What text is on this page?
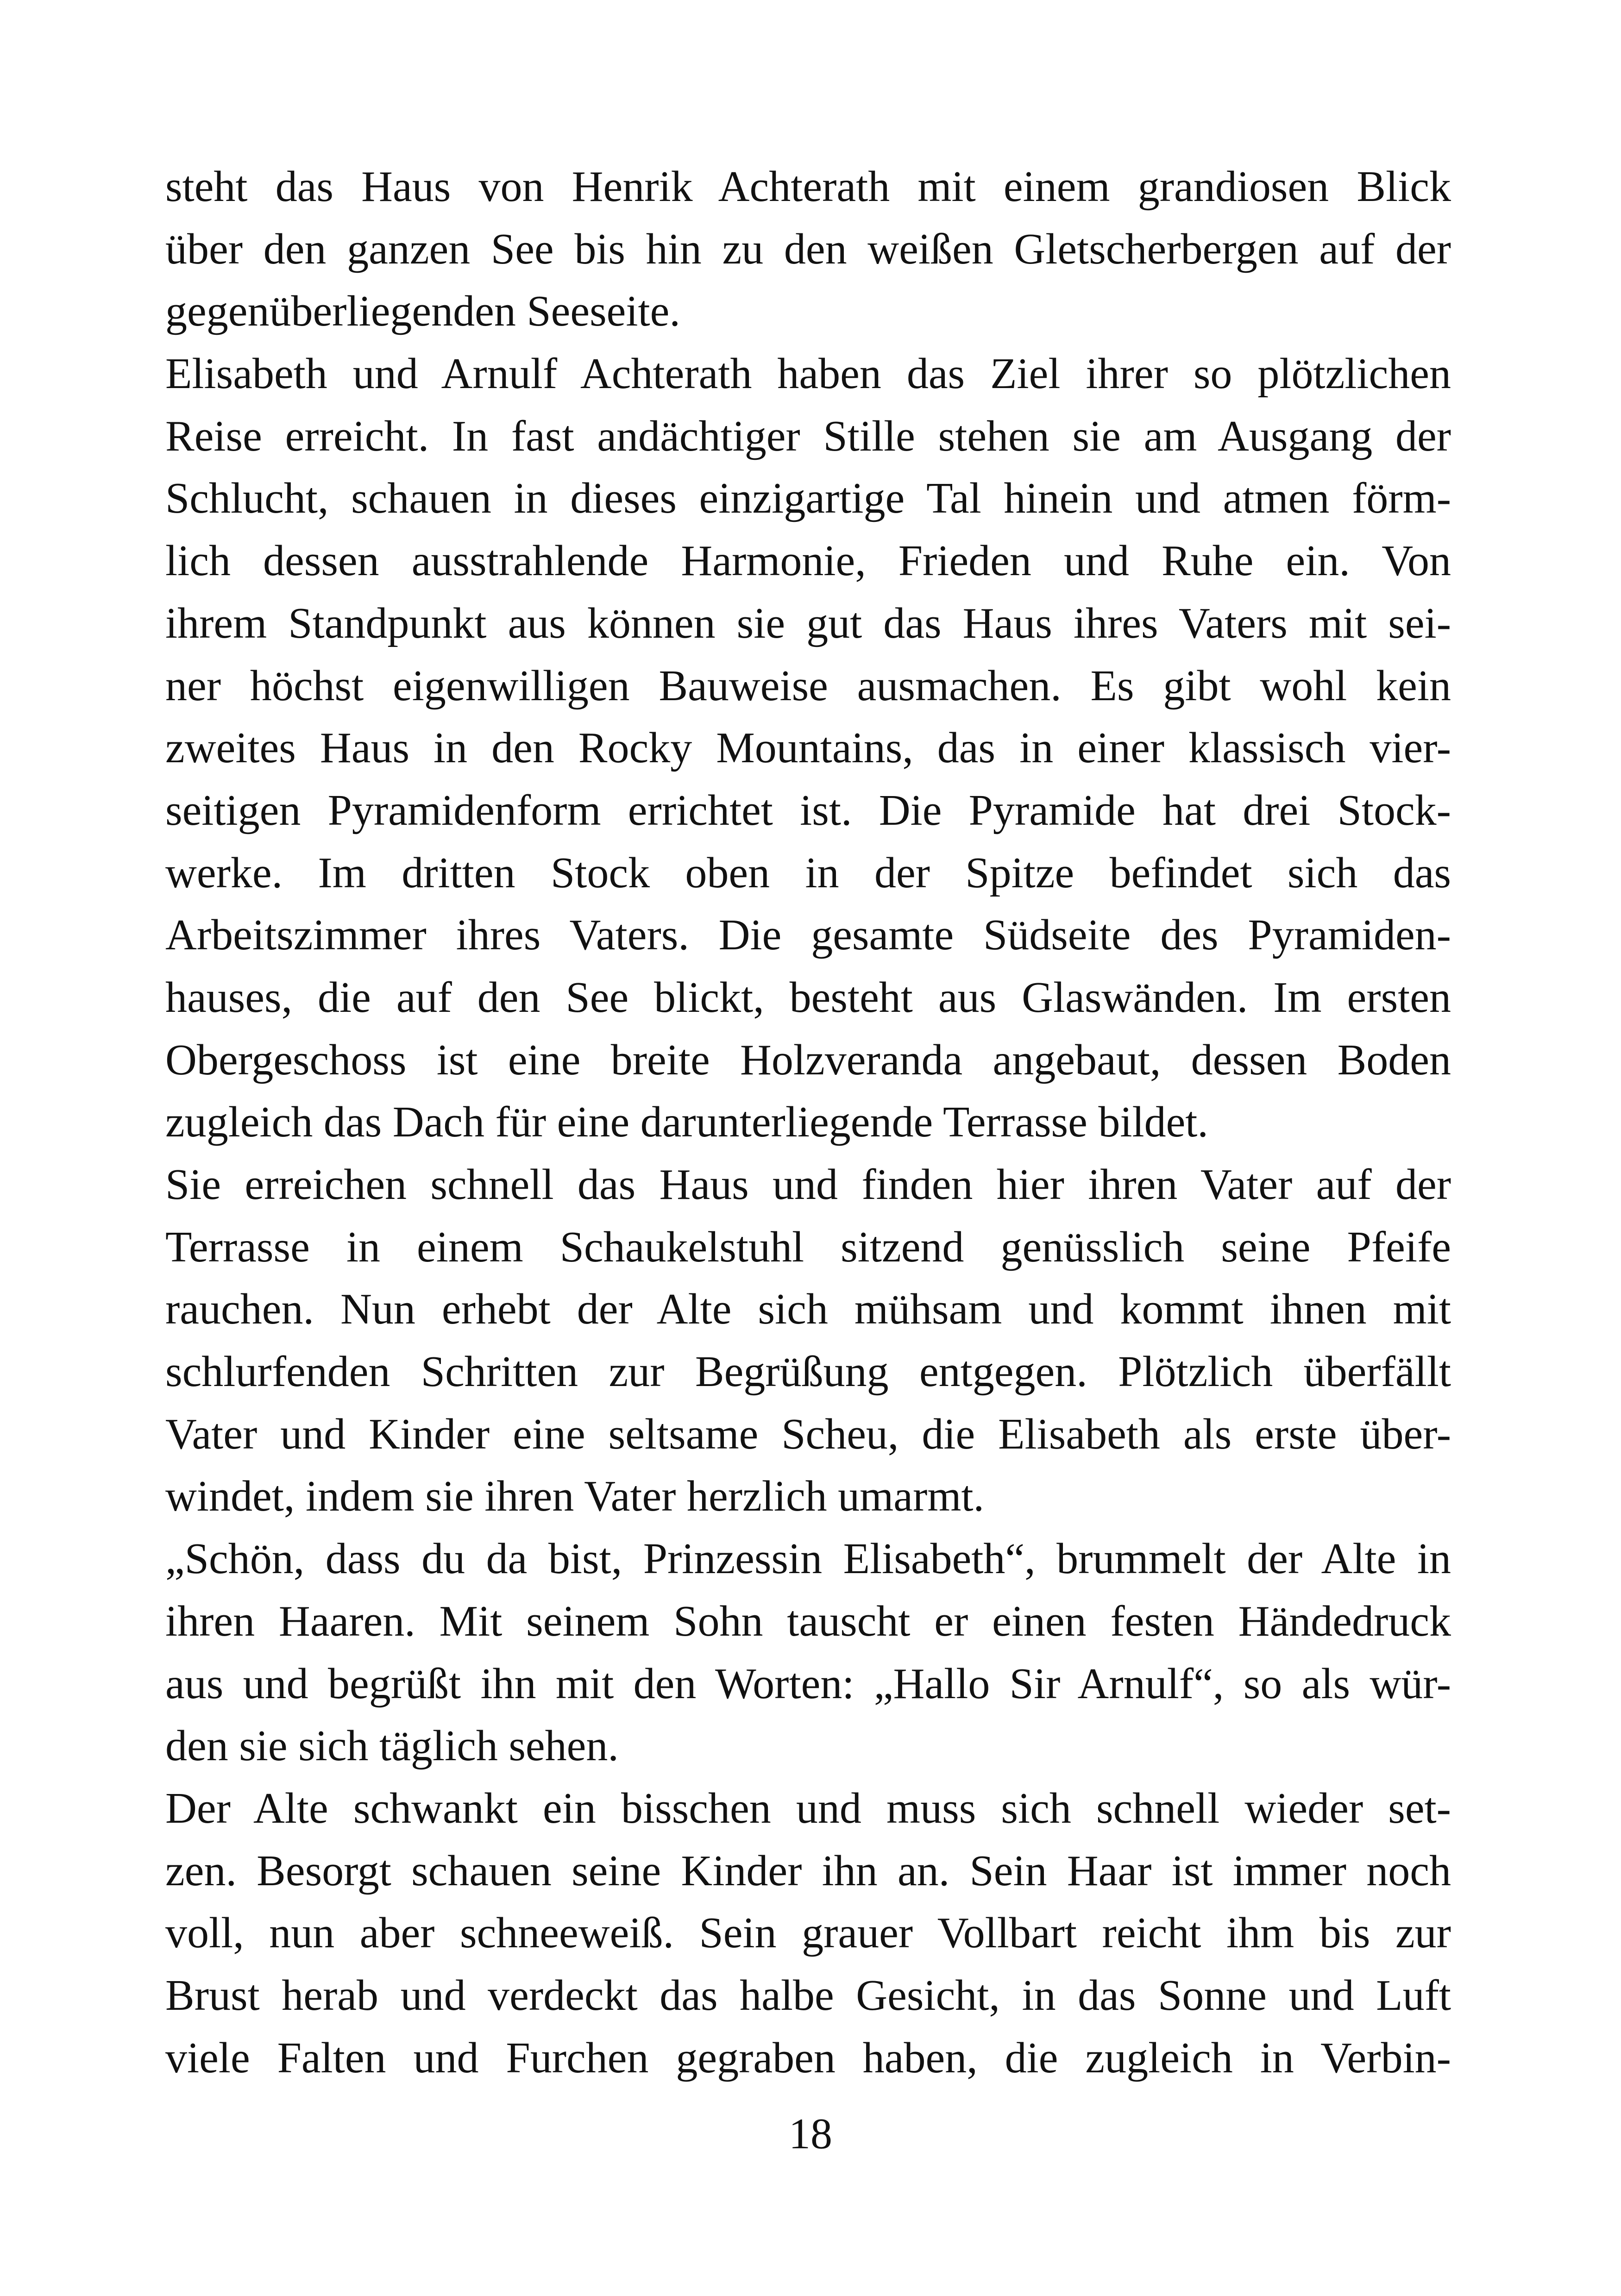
steht das Haus von Henrik Achterath mit einem grandiosen Blick
über den ganzen See bis hin zu den weißen Gletscherbergen auf der
gegenüberliegenden Seeseite.
Elisabeth und Arnulf Achterath haben das Ziel ihrer so plötzlichen
Reise erreicht. In fast andächtiger Stille stehen sie am Ausgang der
Schlucht, schauen in dieses einzigartige Tal hinein und atmen förm-
lich dessen ausstrahlende Harmonie, Frieden und Ruhe ein. Von
ihrem Standpunkt aus können sie gut das Haus ihres Vaters mit sei-
ner höchst eigenwilligen Bauweise ausmachen. Es gibt wohl kein
zweites Haus in den Rocky Mountains, das in einer klassisch vier-
seitigen Pyramidenform errichtet ist. Die Pyramide hat drei Stock-
werke. Im dritten Stock oben in der Spitze befindet sich das
Arbeitszimmer ihres Vaters. Die gesamte Südseite des Pyramiden-
hauses, die auf den See blickt, besteht aus Glaswänden. Im ersten
Obergeschoss ist eine breite Holzveranda angebaut, dessen Boden
zugleich das Dach für eine darunterliegende Terrasse bildet.
Sie erreichen schnell das Haus und finden hier ihren Vater auf der
Terrasse in einem Schaukelstuhl sitzend genüsslich seine Pfeife
rauchen. Nun erhebt der Alte sich mühsam und kommt ihnen mit
schlurfenden Schritten zur Begrüßung entgegen. Plötzlich überfällt
Vater und Kinder eine seltsame Scheu, die Elisabeth als erste über-
windet, indem sie ihren Vater herzlich umarmt.
„Schön, dass du da bist, Prinzessin Elisabeth“, brummelt der Alte in
ihren Haaren. Mit seinem Sohn tauscht er einen festen Händedruck
aus und begrüßt ihn mit den Worten: „Hallo Sir Arnulf“, so als wür-
den sie sich täglich sehen.
Der Alte schwankt ein bisschen und muss sich schnell wieder set-
zen. Besorgt schauen seine Kinder ihn an. Sein Haar ist immer noch
voll, nun aber schneeweiß. Sein grauer Vollbart reicht ihm bis zur
Brust herab und verdeckt das halbe Gesicht, in das Sonne und Luft
viele Falten und Furchen gegraben haben, die zugleich in Verbin-
18
